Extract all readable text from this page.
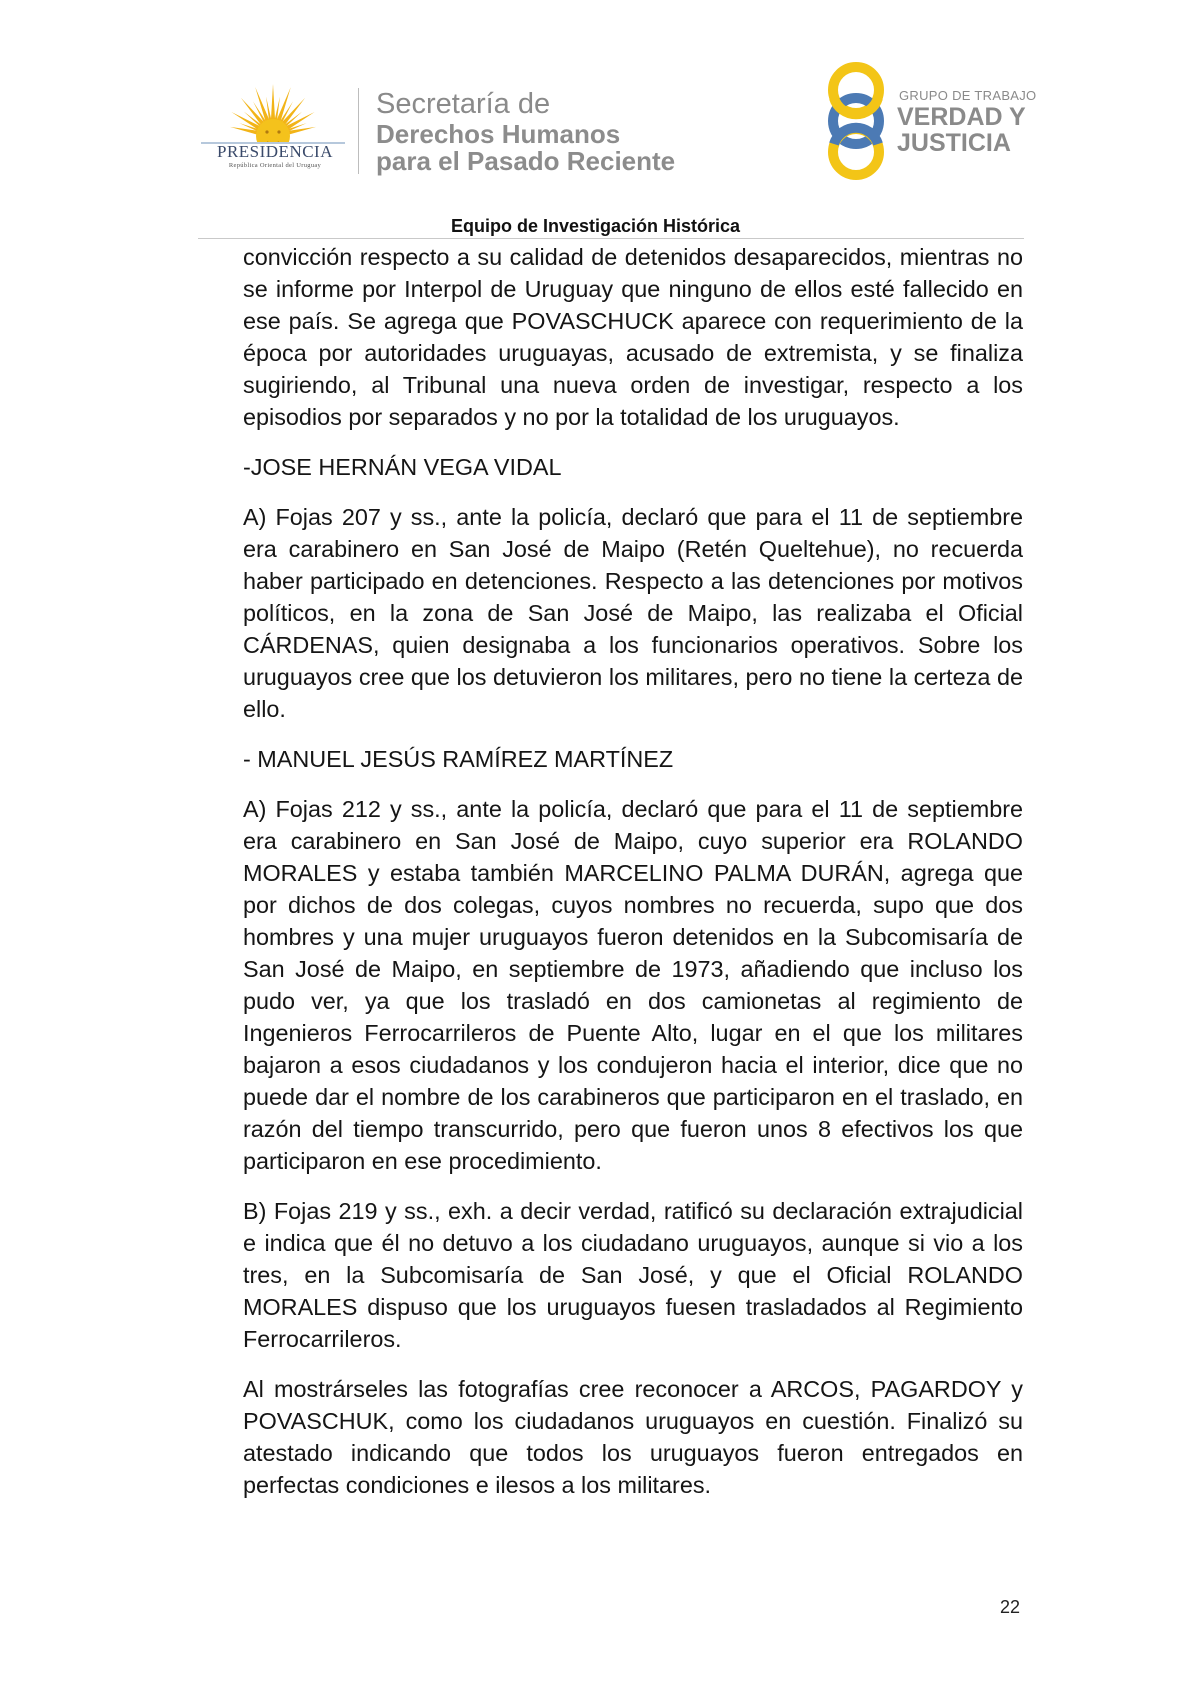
PRESIDENCIA
República Oriental del Uruguay
Secretaría de
Derechos Humanos
para el Pasado Reciente
GRUPO DE TRABAJO
VERDAD Y
JUSTICIA
Equipo de Investigación Histórica

convicción respecto a su calidad de detenidos desaparecidos, mientras no se informe por Interpol de Uruguay que ninguno de ellos esté fallecido en ese país. Se agrega que POVASCHUCK aparece con requerimiento de la época por autoridades uruguayas, acusado de extremista, y se finaliza sugiriendo, al Tribunal una nueva orden de investigar, respecto a los episodios por separados y no por la totalidad de los uruguayos.

-JOSE HERNÁN VEGA VIDAL

A) Fojas 207 y ss., ante la policía, declaró que para el 11 de septiembre era carabinero en San José de Maipo (Retén Queltehue), no recuerda haber participado en detenciones. Respecto a las detenciones por motivos políticos, en la zona de San José de Maipo, las realizaba el Oficial CÁRDENAS, quien designaba a los funcionarios operativos. Sobre los uruguayos cree que los detuvieron los militares, pero no tiene la certeza de ello.

- MANUEL JESÚS RAMÍREZ MARTÍNEZ

A) Fojas 212 y ss., ante la policía, declaró que para el 11 de septiembre era carabinero en San José de Maipo, cuyo superior era ROLANDO MORALES y estaba también MARCELINO PALMA DURÁN, agrega que por dichos de dos colegas, cuyos nombres no recuerda, supo que dos hombres y una mujer uruguayos fueron detenidos en la Subcomisaría de San José de Maipo, en septiembre de 1973, añadiendo que incluso los pudo ver, ya que los trasladó en dos camionetas al regimiento de Ingenieros Ferrocarrileros de Puente Alto, lugar en el que los militares bajaron a esos ciudadanos y los condujeron hacia el interior, dice que no puede dar el nombre de los carabineros que participaron en el traslado, en razón del tiempo transcurrido, pero que fueron unos 8 efectivos los que participaron en ese procedimiento.

B) Fojas 219 y ss., exh. a decir verdad, ratificó su declaración extrajudicial e indica que él no detuvo a los ciudadano uruguayos, aunque si vio a los tres, en la Subcomisaría de San José, y que el Oficial ROLANDO MORALES dispuso que los uruguayos fuesen trasladados al Regimiento Ferrocarrileros.

Al mostrárseles las fotografías cree reconocer a ARCOS, PAGARDOY y POVASCHUK, como los ciudadanos uruguayos en cuestión. Finalizó su atestado indicando que todos los uruguayos fueron entregados en perfectas condiciones e ilesos a los militares.

22
